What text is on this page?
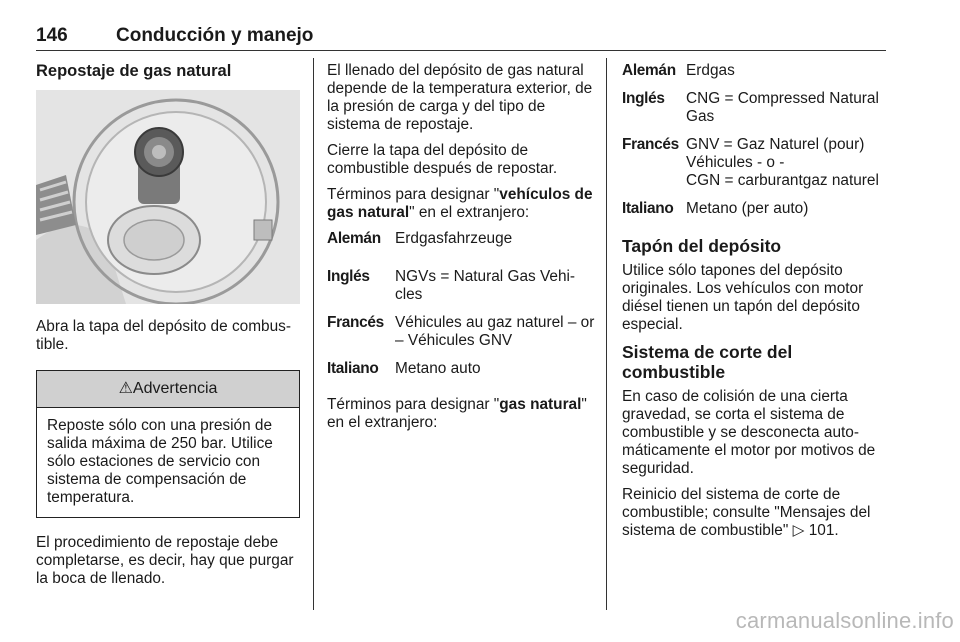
146	Conducción y manejo
Repostaje de gas natural

Abra la tapa del depósito de combus-tible.

⚠Advertencia
Reposte sólo con una presión de salida máxima de 250 bar. Utilice sólo estaciones de servicio con sistema de compensación de temperatura.

El procedimiento de repostaje debe completarse, es decir, hay que purgar la boca de llenado.

El llenado del depósito de gas natural depende de la temperatura exterior, de la presión de carga y del tipo de sistema de repostaje.

Cierre la tapa del depósito de combustible después de repostar.

Términos para designar "vehículos de gas natural" en el extranjero:

Alemán Erdgasfahrzeuge
Inglés	NGVs = Natural Gas Vehi-cles
Francés Véhicules au gaz naturel – or – Véhicules GNV
Italiano	Metano auto

Términos para designar "gas natural" en el extranjero:

Alemán Erdgas
Inglés	CNG = Compressed Natural Gas
Francés GNV = Gaz Naturel (pour) Véhicules - o -
CGN = carburantgaz naturel
Italiano Metano (per auto)
Tapón del depósito

Utilice sólo tapones del depósito originales. Los vehículos con motor diésel tienen un tapón del depósito especial.

Sistema de corte del combustible

En caso de colisión de una cierta gravedad, se corta el sistema de combustible y se desconecta auto-máticamente el motor por motivos de seguridad.

Reinicio del sistema de corte de combustible; consulte "Mensajes del sistema de combustible" ▷ 101.

carmanualsonline.info
